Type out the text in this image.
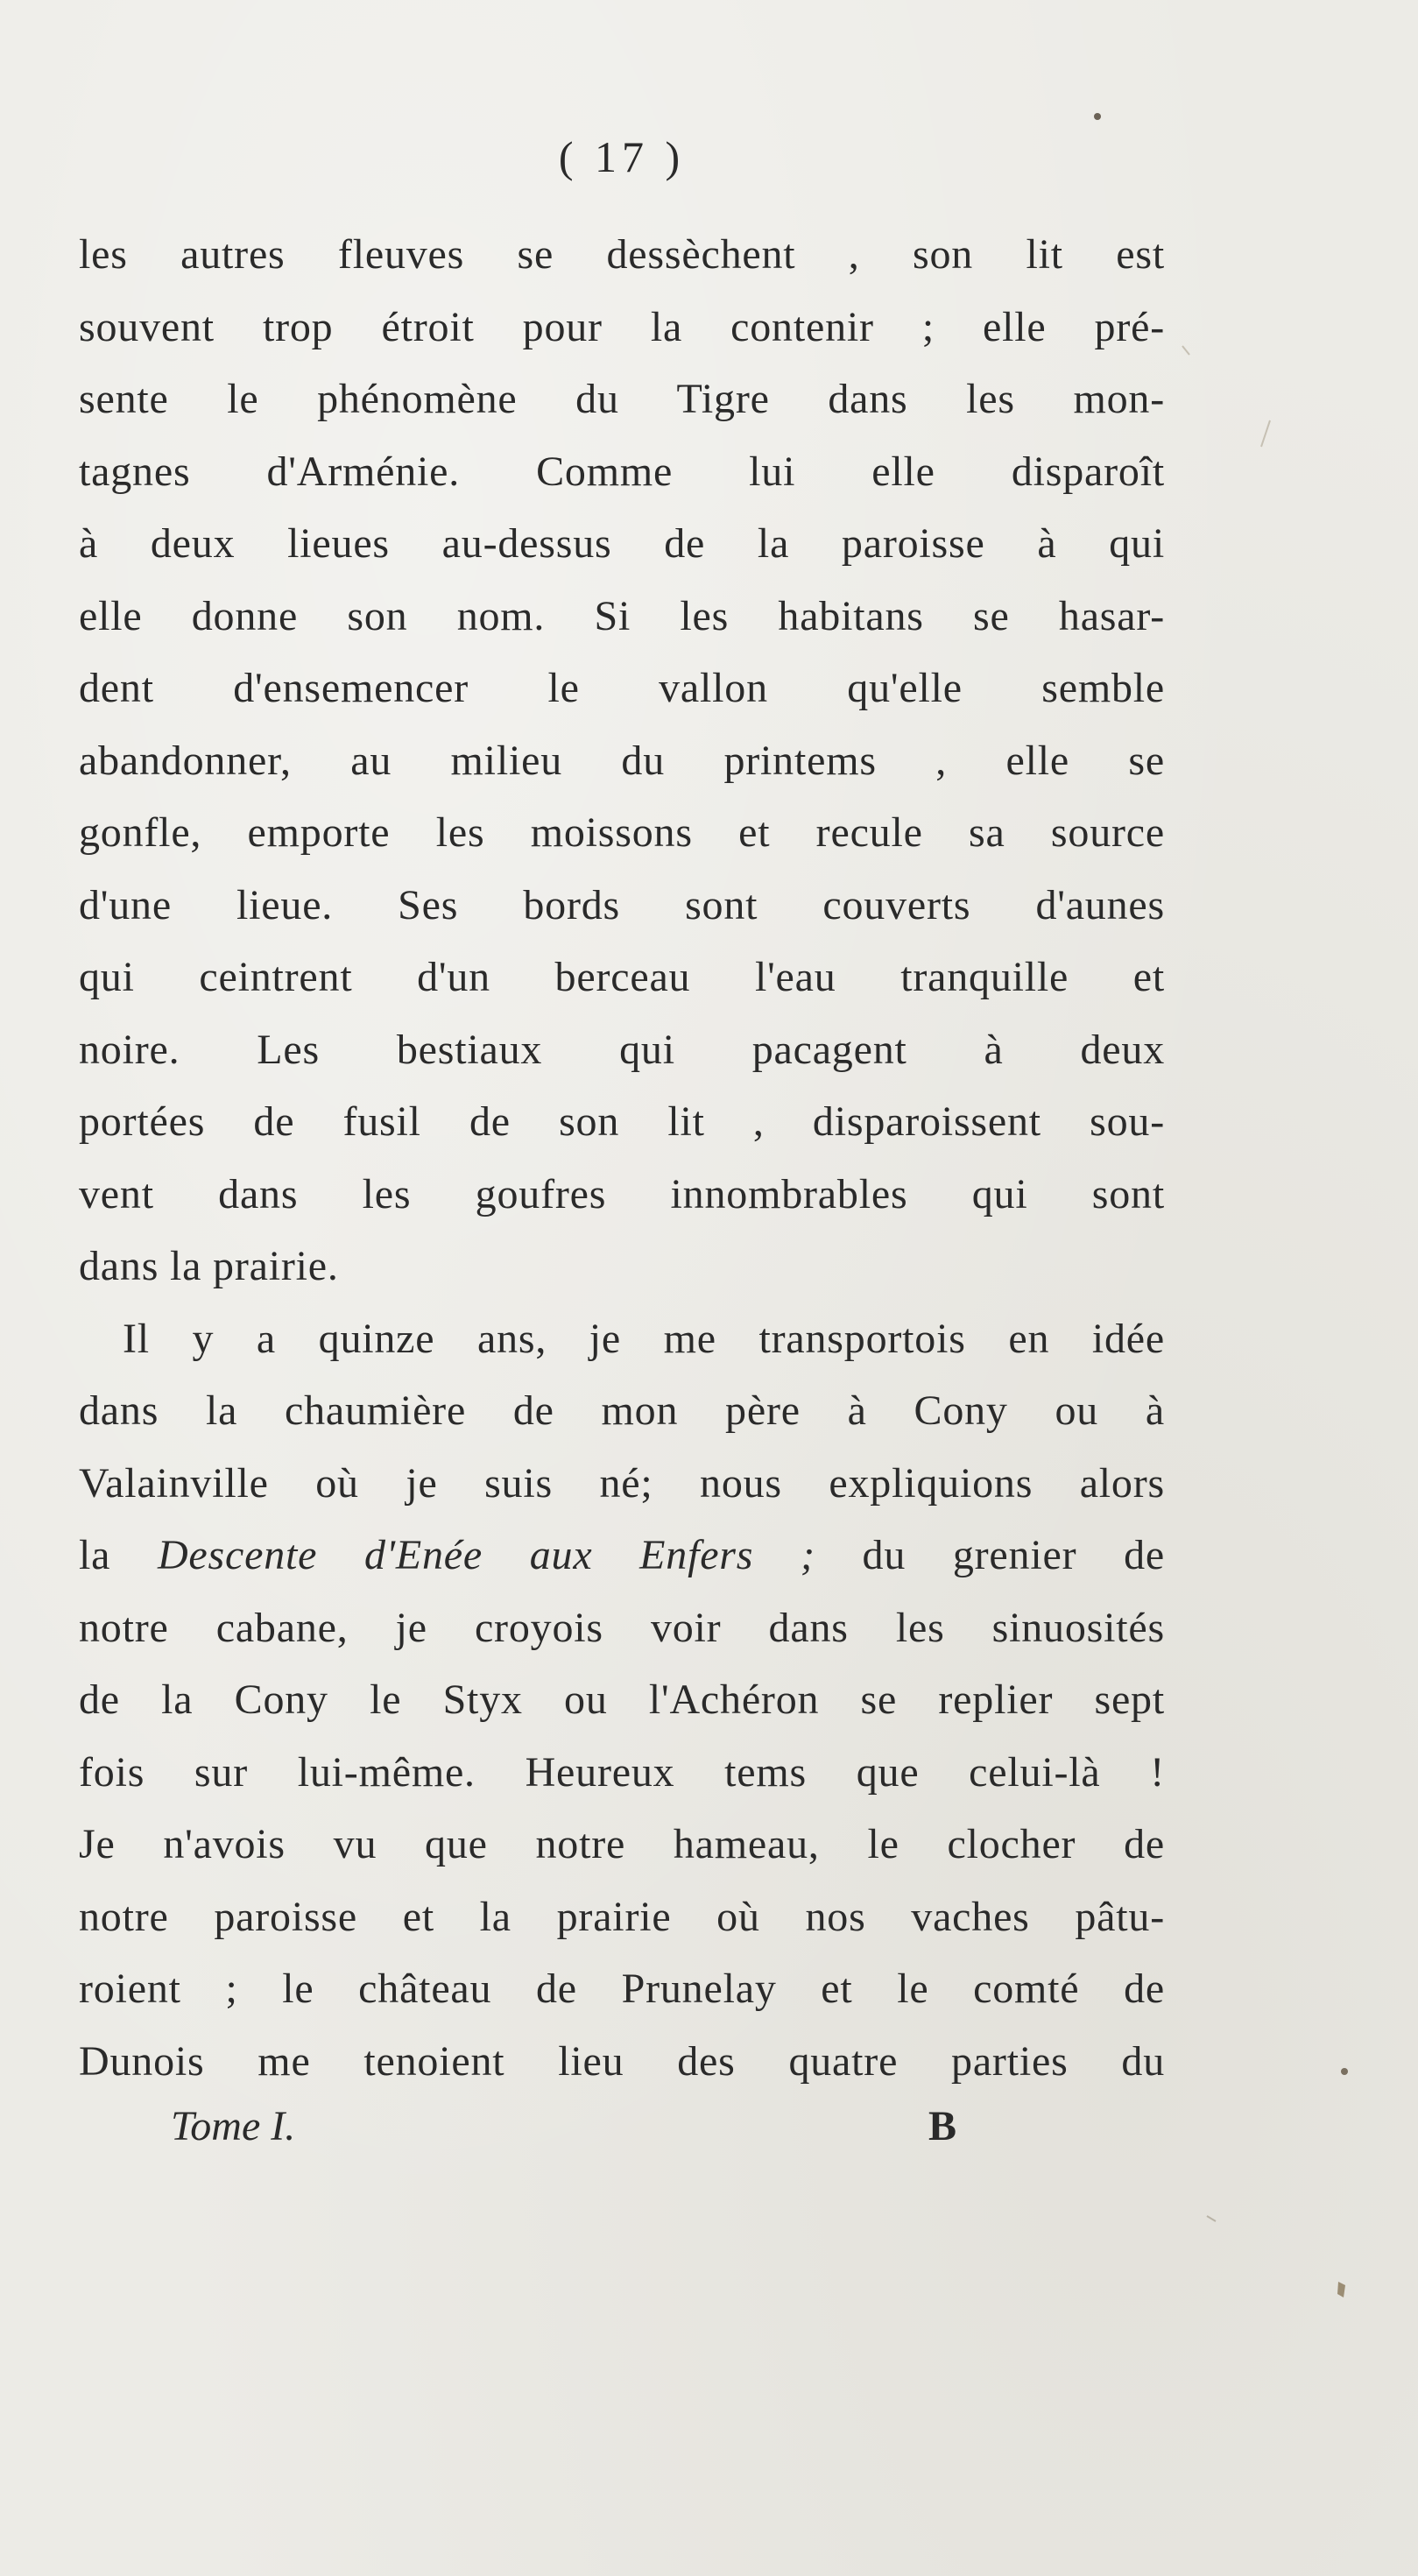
( 17 )
les autres fleuves se dessèchent , son lit est
souvent trop étroit pour la contenir ; elle pré-
sente le phénomène du Tigre dans les mon-
tagnes d'Arménie. Comme lui elle disparoît
à deux lieues au-dessus de la paroisse à qui
elle donne son nom. Si les habitans se hasar-
dent d'ensemencer le vallon qu'elle semble
abandonner, au milieu du printems , elle se
gonfle, emporte les moissons et recule sa source
d'une lieue. Ses bords sont couverts d'aunes
qui ceintrent d'un berceau l'eau tranquille et
noire. Les bestiaux qui pacagent à deux
portées de fusil de son lit , disparoissent sou-
vent dans les goufres innombrables qui sont
dans la prairie.
Il y a quinze ans, je me transportois en idée
dans la chaumière de mon père à Cony ou à
Valainville où je suis né; nous expliquions alors
la Descente d'Enée aux Enfers ; du grenier de
notre cabane, je croyois voir dans les sinuosités
de la Cony le Styx ou l'Achéron se replier sept
fois sur lui-même. Heureux tems que celui-là !
Je n'avois vu que notre hameau, le clocher de
notre paroisse et la prairie où nos vaches pâtu-
roient ; le château de Prunelay et le comté de
Dunois me tenoient lieu des quatre parties du
Tome I.	B
